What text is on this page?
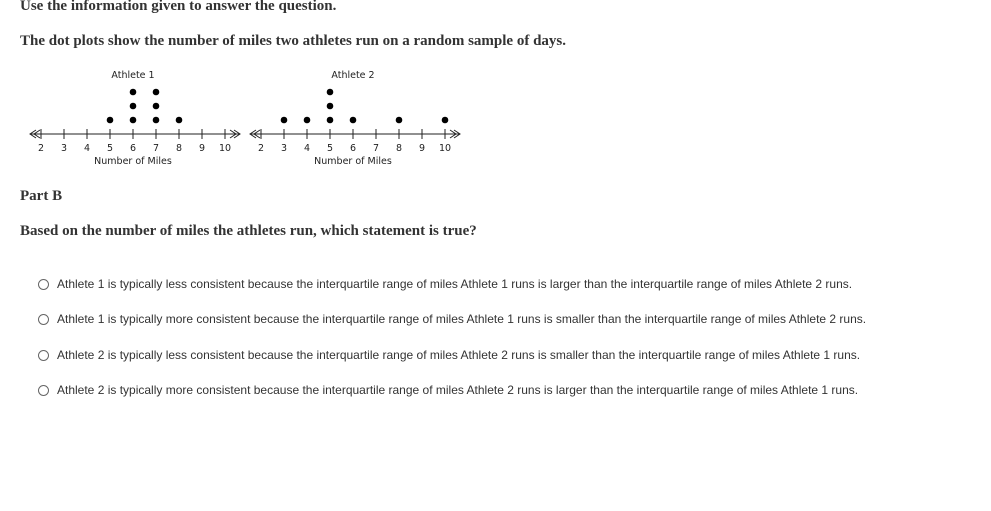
Use the information given to answer the question.

The dot plots show the number of miles two athletes run on a random sample of days.

2 3 4 5 6 7 8 9 10
Athlete 1
Number of Miles
2 3 4 5 6 7 8 9 10
Athlete 2
Number of Miles

Part B

Based on the number of miles the athletes run, which statement is true?

Athlete 1 is typically less consistent because the interquartile range of miles Athlete 1 runs is larger than the interquartile range of miles Athlete 2 runs.
Athlete 1 is typically more consistent because the interquartile range of miles Athlete 1 runs is smaller than the interquartile range of miles Athlete 2 runs.
Athlete 2 is typically less consistent because the interquartile range of miles Athlete 2 runs is smaller than the interquartile range of miles Athlete 1 runs.
Athlete 2 is typically more consistent because the interquartile range of miles Athlete 2 runs is larger than the interquartile range of miles Athlete 1 runs.
